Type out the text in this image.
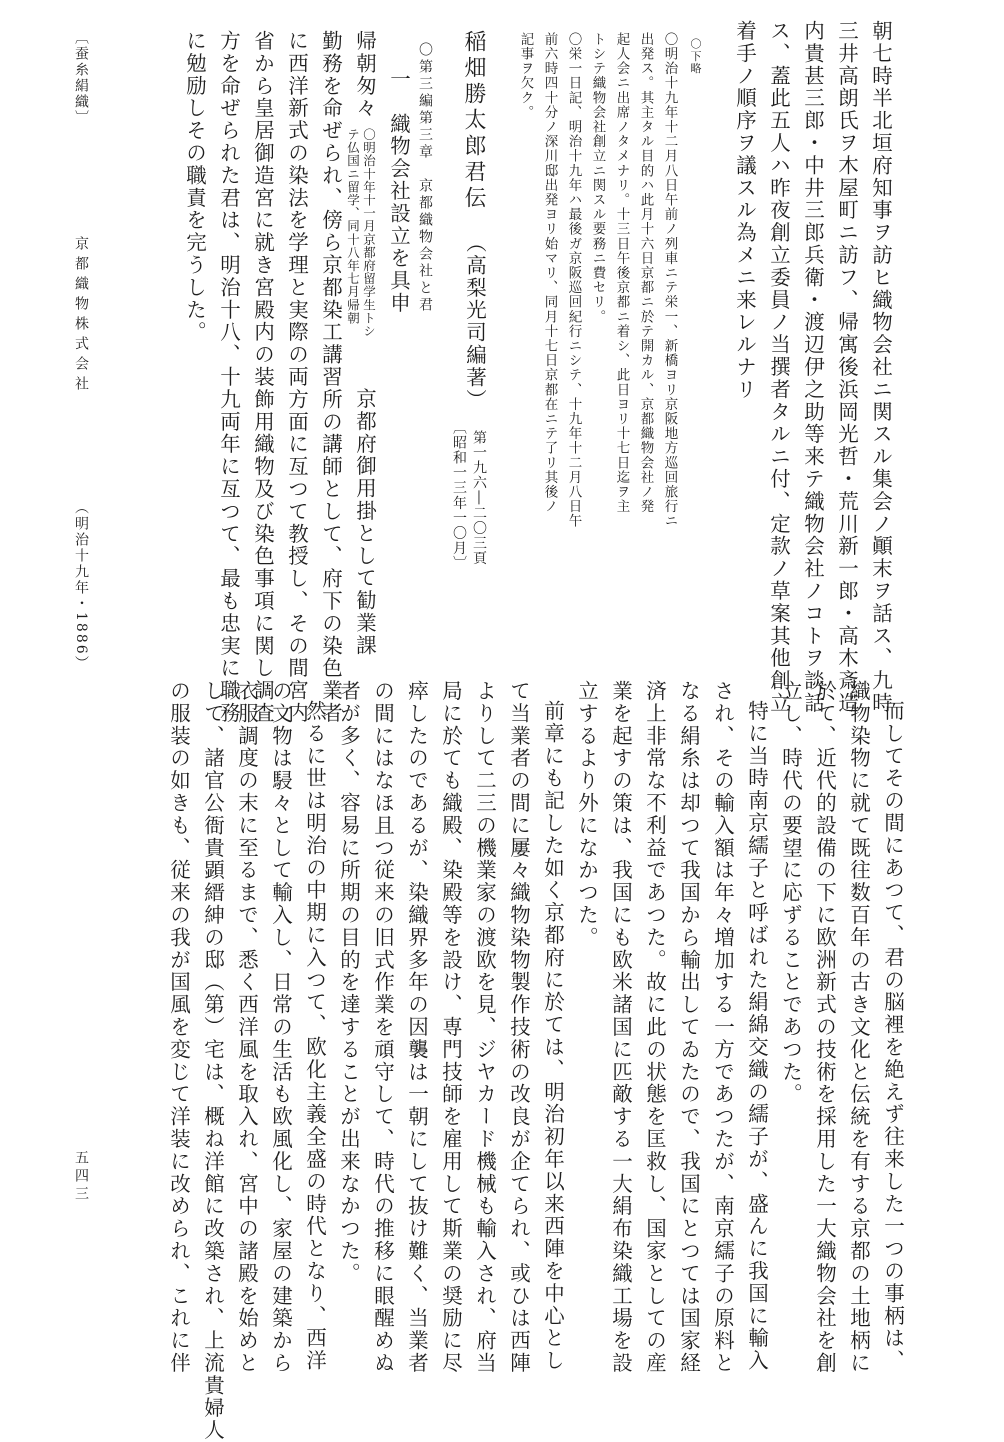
朝七時半北垣府知事ヲ訪ヒ織物会社ニ関スル集会ノ顚末ヲ話ス、九時
三井高朗氏ヲ木屋町ニ訪フ、帰寓後浜岡光哲・荒川新一郎・高木斎造
内貴甚三郎・中井三郎兵衛・渡辺伊之助等来テ織物会社ノコトヲ談話
ス、蓋此五人ハ昨夜創立委員ノ当撰者タルニ付、定款ノ草案其他創立
着手ノ順序ヲ議スル為メニ来レルナリ
〇下略
〇明治十九年十二月八日午前ノ列車ニテ栄一、新橋ヨリ京阪地方巡回旅行ニ
出発ス。其主タル目的ハ此月十六日京都ニ於テ開カル、京都織物会社ノ発
起人会ニ出席ノタメナリ。十三日午後京都ニ着シ、此日ヨリ十七日迄ヲ主
トシテ織物会社創立ニ関スル要務ニ費セリ。
〇栄一日記、明治十九年ハ最後ガ京阪巡回紀行ニシテ、十九年十二月八日午
前六時四十分ノ深川邸出発ヨリ始マリ、同月十七日京都在ニテ了リ其後ノ
記事ヲ欠ク。
稲畑勝太郎君伝
（高梨光司編著）
第一九六―二〇三頁
〔昭和一三年一〇月〕
〇第三編第三章　京都織物会社と君
一　織物会社設立を具申
帰朝匆々
〇明治十年十一月京都府留学生トシ
テ仏国ニ留学、同十八年七月帰朝
京都府御用掛として勧業課
勤務を命ぜられ、傍ら京都染工講習所の講師として、府下の染色業者
に西洋新式の染法を学理と実際の両方面に亙つて教授し、その間宮内
省から皇居御造宮に就き宮殿内の装飾用織物及び染色事項に関し調査
方を命ぜられた君は、明治十八、十九両年に亙つて、最も忠実に職務
に勉励しその職責を完うした。
而してその間にあつて、君の脳裡を絶えず往来した一つの事柄は、
織物染物に就て既往数百年の古き文化と伝統を有する京都の土地柄に
於て、近代的設備の下に欧洲新式の技術を採用した一大織物会社を創
立し、時代の要望に応ずることであつた。
特に当時南京繻子と呼ばれた絹綿交織の繻子が、盛んに我国に輸入
され、その輸入額は年々増加する一方であつたが、南京繻子の原料と
なる絹糸は却つて我国から輸出してゐたので、我国にとつては国家経
済上非常な不利益であつた。故に此の状態を匡救し、国家としての産
業を起すの策は、我国にも欧米諸国に匹敵する一大絹布染織工場を設
立するより外になかつた。
前章にも記した如く京都府に於ては、明治初年以来西陣を中心とし
て当業者の間に屢々織物染物製作技術の改良が企てられ、或ひは西陣
よりして二三の機業家の渡欧を見、ジヤカード機械も輸入され、府当
局に於ても織殿、染殿等を設け、専門技師を雇用して斯業の奨励に尽
瘁したのであるが、染織界多年の因襲は一朝にして抜け難く、当業者
の間にはなほ且つ従来の旧式作業を頑守して、時代の推移に眼醒めぬ
者が多く、容易に所期の目的を達することが出来なかつた。
然るに世は明治の中期に入つて、欧化主義全盛の時代となり、西洋
の文物は駸々として輸入し、日常の生活も欧風化し、家屋の建築から
衣服調度の末に至るまで、悉く西洋風を取入れ、宮中の諸殿を始めと
して、諸官公衙貴顕縉紳の邸（第）宅は、概ね洋館に改築され、上流貴婦人
の服装の如きも、従来の我が国風を変じて洋装に改められ、これに伴
〔蚕糸絹織〕
京都織物株式会社
（明治十九年・1886）
五四三
